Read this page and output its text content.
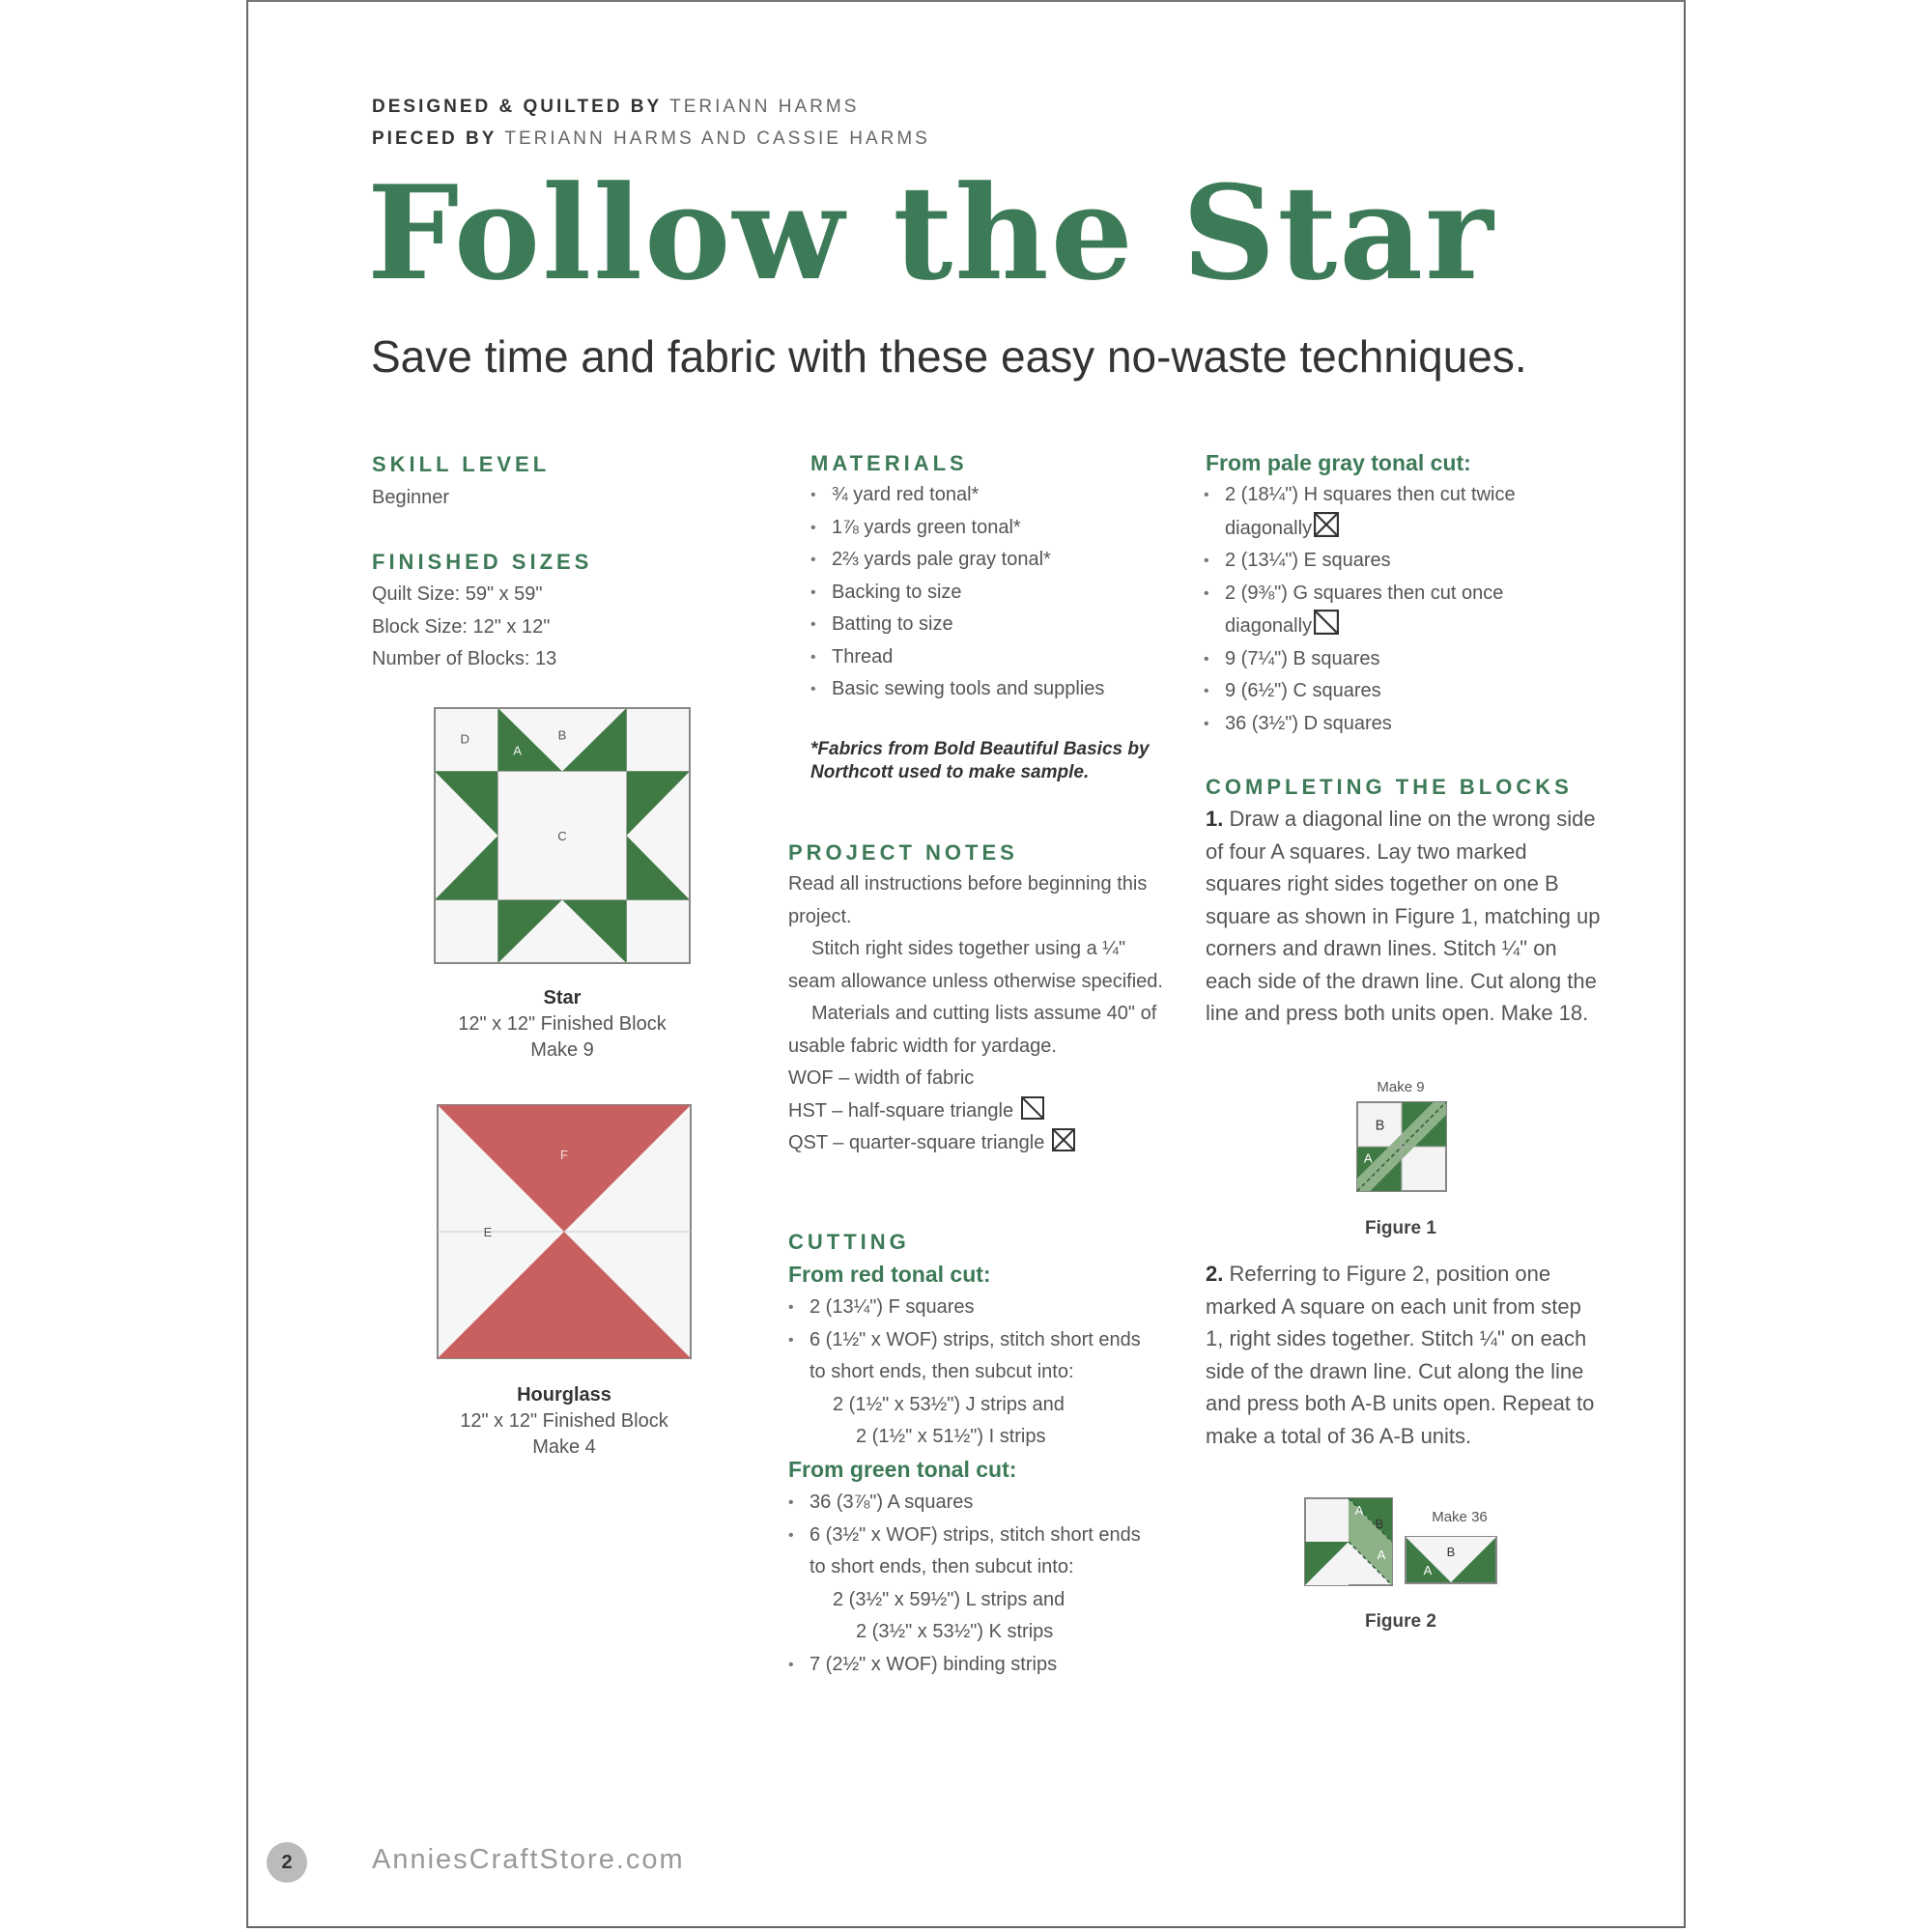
DESIGNED & QUILTED BY TERIANN HARMS
PIECED BY TERIANN HARMS AND CASSIE HARMS
Follow the Star
Save time and fabric with these easy no-waste techniques.
SKILL LEVEL
Beginner
FINISHED SIZES
Quilt Size: 59" x 59"
Block Size: 12" x 12"
Number of Blocks: 13
D
A
B
C
Star
12" x 12" Finished Block
Make 9
F
E
Hourglass
12" x 12" Finished Block
Make 4
MATERIALS
• ¾ yard red tonal*
• 1⅞ yards green tonal*
• 2⅔ yards pale gray tonal*
• Backing to size
• Batting to size
• Thread
• Basic sewing tools and supplies
*Fabrics from Bold Beautiful Basics by Northcott used to make sample.
PROJECT NOTES
Read all instructions before beginning this project.
Stitch right sides together using a ¼" seam allowance unless otherwise specified.
Materials and cutting lists assume 40" of usable fabric width for yardage.
WOF – width of fabric
HST – half-square triangle
QST – quarter-square triangle
CUTTING
From red tonal cut:
• 2 (13¼") F squares
• 6 (1½" x WOF) strips, stitch short ends
to short ends, then subcut into:
2 (1½" x 53½") J strips and
2 (1½" x 51½") I strips
From green tonal cut:
• 36 (3⅞") A squares
• 6 (3½" x WOF) strips, stitch short ends
to short ends, then subcut into:
2 (3½" x 59½") L strips and
2 (3½" x 53½") K strips
• 7 (2½" x WOF) binding strips
From pale gray tonal cut:
• 2 (18¼") H squares then cut twice
diagonally
• 2 (13¼") E squares
• 2 (9⅜") G squares then cut once
diagonally
• 9 (7¼") B squares
• 9 (6½") C squares
• 36 (3½") D squares
COMPLETING THE BLOCKS
1. Draw a diagonal line on the wrong side of four A squares. Lay two marked squares right sides together on one B square as shown in Figure 1, matching up corners and drawn lines. Stitch ¼" on each side of the drawn line. Cut along the line and press both units open. Make 18.
Make 9
B
A
Figure 1
2. Referring to Figure 2, position one marked A square on each unit from step 1, right sides together. Stitch ¼" on each side of the drawn line. Cut along the line and press both A-B units open. Repeat to make a total of 36 A-B units.
A
B
A
Make 36
A
B
Figure 2
2	AnniesCraftStore.com
